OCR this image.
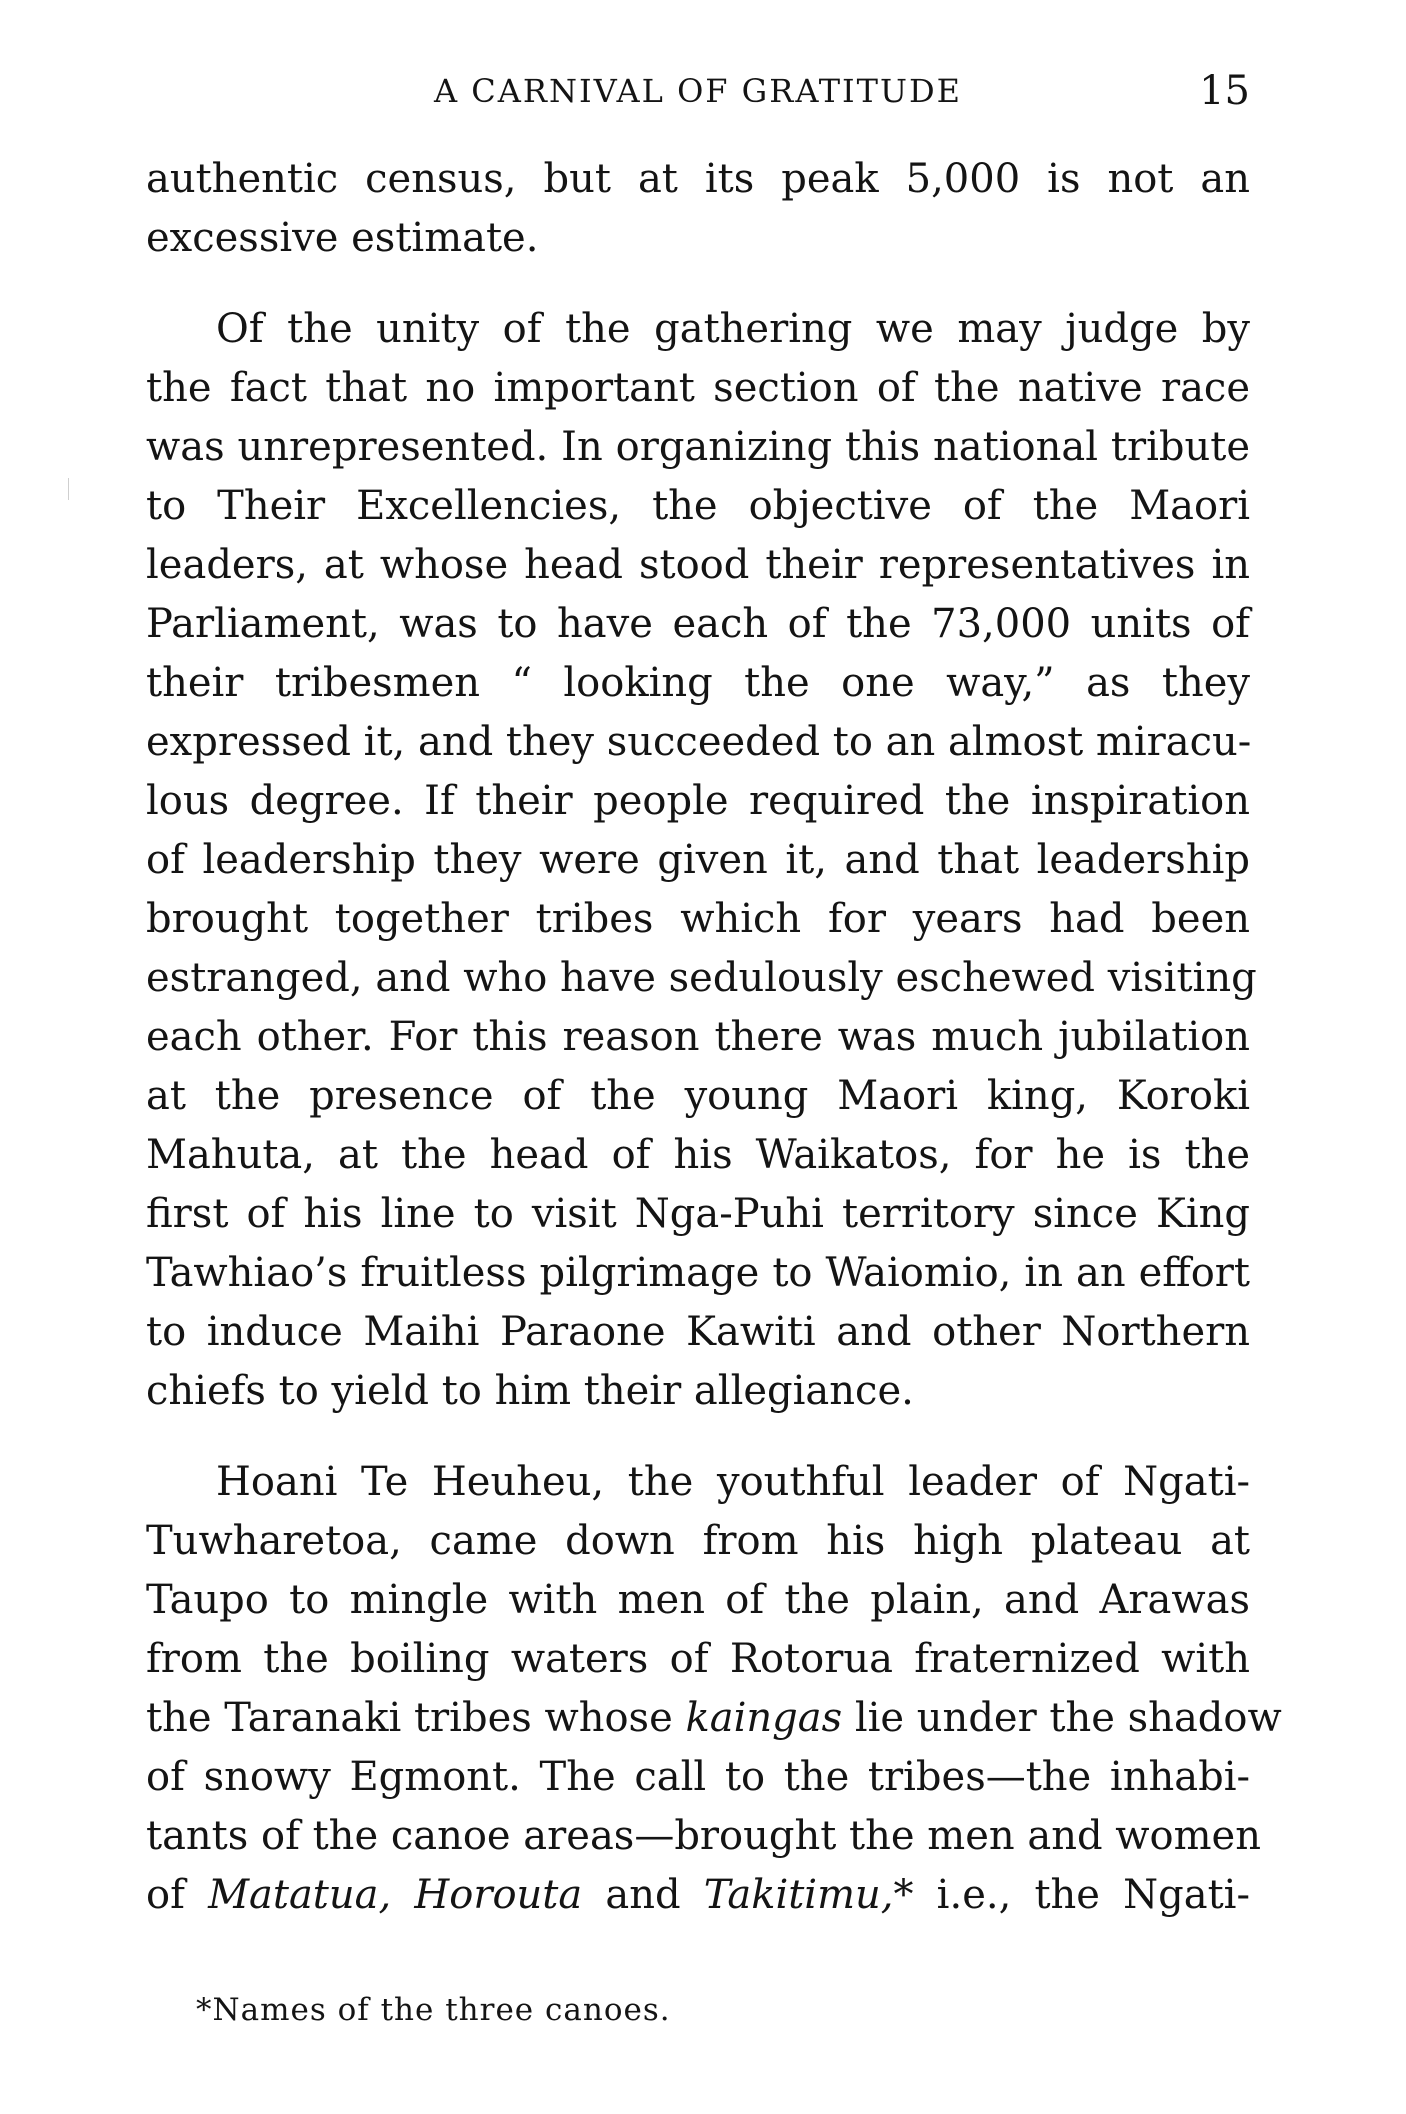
A CARNIVAL OF GRATITUDE	15
authentic census, but at its peak 5,000 is not an
excessive estimate.
Of the unity of the gathering we may judge by
the fact that no important section of the native race
was unrepresented. In organizing this national tribute
to Their Excellencies, the objective of the Maori
leaders, at whose head stood their representatives in
Parliament, was to have each of the 73,000 units of
their tribesmen “ looking the one way,” as they
expressed it, and they succeeded to an almost miracu-
lous degree. If their people required the inspiration
of leadership they were given it, and that leadership
brought together tribes which for years had been
estranged, and who have sedulously eschewed visiting
each other. For this reason there was much jubilation
at the presence of the young Maori king, Koroki
Mahuta, at the head of his Waikatos, for he is the
first of his line to visit Nga-Puhi territory since King
Tawhiao’s fruitless pilgrimage to Waiomio, in an effort
to induce Maihi Paraone Kawiti and other Northern
chiefs to yield to him their allegiance.
Hoani Te Heuheu, the youthful leader of Ngati-
Tuwharetoa, came down from his high plateau at
Taupo to mingle with men of the plain, and Arawas
from the boiling waters of Rotorua fraternized with
the Taranaki tribes whose kaingas lie under the shadow
of snowy Egmont. The call to the tribes—the inhabi-
tants of the canoe areas—brought the men and women
of Matatua, Horouta and Takitimu,* i.e., the Ngati-
*Names of the three canoes.
